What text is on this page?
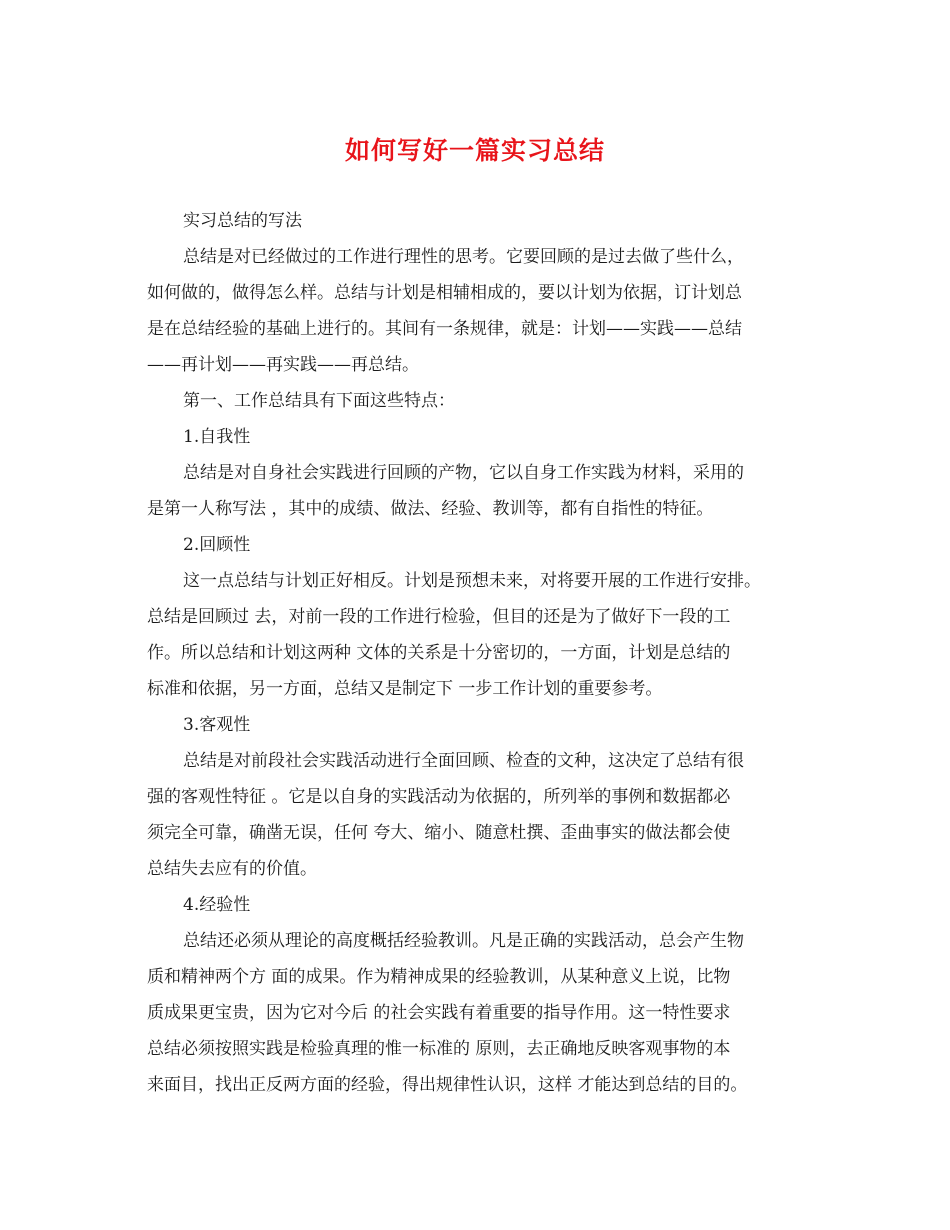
如何写好一篇实习总结
实习总结的写法
总结是对已经做过的工作进行理性的思考。它要回顾的是过去做了些什么，
如何做的，做得怎么样。总结与计划是相辅相成的，要以计划为依据，订计划总
是在总结经验的基础上进行的。其间有一条规律，就是：计划——实践——总结
——再计划——再实践——再总结。
第一、工作总结具有下面这些特点：
1.自我性
总结是对自身社会实践进行回顾的产物，它以自身工作实践为材料，采用的
是第一人称写法 ，其中的成绩、做法、经验、教训等，都有自指性的特征。
2.回顾性
这一点总结与计划正好相反。计划是预想未来，对将要开展的工作进行安排。
总结是回顾过 去，对前一段的工作进行检验，但目的还是为了做好下一段的工
作。所以总结和计划这两种 文体的关系是十分密切的，一方面，计划是总结的
标准和依据，另一方面，总结又是制定下 一步工作计划的重要参考。
3.客观性
总结是对前段社会实践活动进行全面回顾、检查的文种，这决定了总结有很
强的客观性特征 。它是以自身的实践活动为依据的，所列举的事例和数据都必
须完全可靠，确凿无误，任何 夸大、缩小、随意杜撰、歪曲事实的做法都会使
总结失去应有的价值。
4.经验性
总结还必须从理论的高度概括经验教训。凡是正确的实践活动，总会产生物
质和精神两个方 面的成果。作为精神成果的经验教训，从某种意义上说，比物
质成果更宝贵，因为它对今后 的社会实践有着重要的指导作用。这一特性要求
总结必须按照实践是检验真理的惟一标准的 原则，去正确地反映客观事物的本
来面目，找出正反两方面的经验，得出规律性认识，这样 才能达到总结的目的。
